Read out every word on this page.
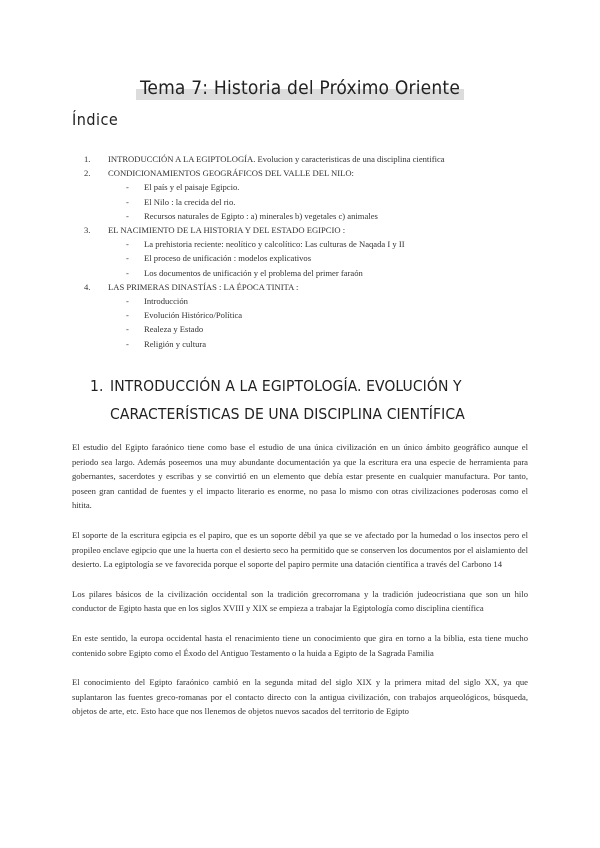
Tema 7: Historia del Próximo Oriente
Índice
1.	INTRODUCCIÓN A LA EGIPTOLOGÍA. Evolucion y caracteristicas de una disciplina cientifica
2.	CONDICIONAMIENTOS GEOGRÁFICOS DEL VALLE DEL NILO:
- El país y el paisaje Egipcio.
- El Nilo : la crecida del rio.
- Recursos naturales de Egipto : a) minerales b) vegetales c) animales
3.	EL NACIMIENTO DE LA HISTORIA Y DEL ESTADO EGIPCIO :
- La prehistoria reciente: neolítico y calcolítico: Las culturas de Naqada I y II
- El proceso de unificación : modelos explicativos
- Los documentos de unificación y el problema del primer faraón
4.	LAS PRIMERAS DINASTÍAS : LA ÉPOCA TINITA :
- Introducción
- Evolución Histórico/Política
- Realeza y Estado
- Religión y cultura
1. INTRODUCCIÓN A LA EGIPTOLOGÍA. EVOLUCIÓN Y CARACTERÍSTICAS DE UNA DISCIPLINA CIENTÍFICA

El estudio del Egipto faraónico tiene como base el estudio de una única civilización en un único ámbito geográfico aunque el periodo sea largo. Además poseemos una muy abundante documentación ya que la escritura era una especie de herramienta para gobernantes, sacerdotes y escribas y se convirtió en un elemento que debía estar presente en cualquier manufactura. Por tanto, poseen gran cantidad de fuentes y el impacto literario es enorme, no pasa lo mismo con otras civilizaciones poderosas como el hitita.

El soporte de la escritura egipcia es el papiro, que es un soporte débil ya que se ve afectado por la humedad o los insectos pero el propileo enclave egipcio que une la huerta con el desierto seco ha permitido que se conserven los documentos por el aislamiento del desierto. La egiptología se ve favorecida porque el soporte del papiro permite una datación científica a través del Carbono 14

Los pilares básicos de la civilización occidental son la tradición grecorromana y la tradición judeocristiana que son un hilo conductor de Egipto hasta que en los siglos XVIII y XIX se empieza a trabajar la Egiptología como disciplina científica

En este sentido, la europa occidental hasta el renacimiento tiene un conocimiento que gira en torno a la biblia, esta tiene mucho contenido sobre Egipto como el Éxodo del Antiguo Testamento o la huida a Egipto de la Sagrada Familia

El conocimiento del Egipto faraónico cambió en la segunda mitad del siglo XIX y la primera mitad del siglo XX, ya que suplantaron las fuentes greco-romanas por el contacto directo con la antigua civilización, con trabajos arqueológicos, búsqueda, objetos de arte, etc. Esto hace que nos llenemos de objetos nuevos sacados del territorio de Egipto
